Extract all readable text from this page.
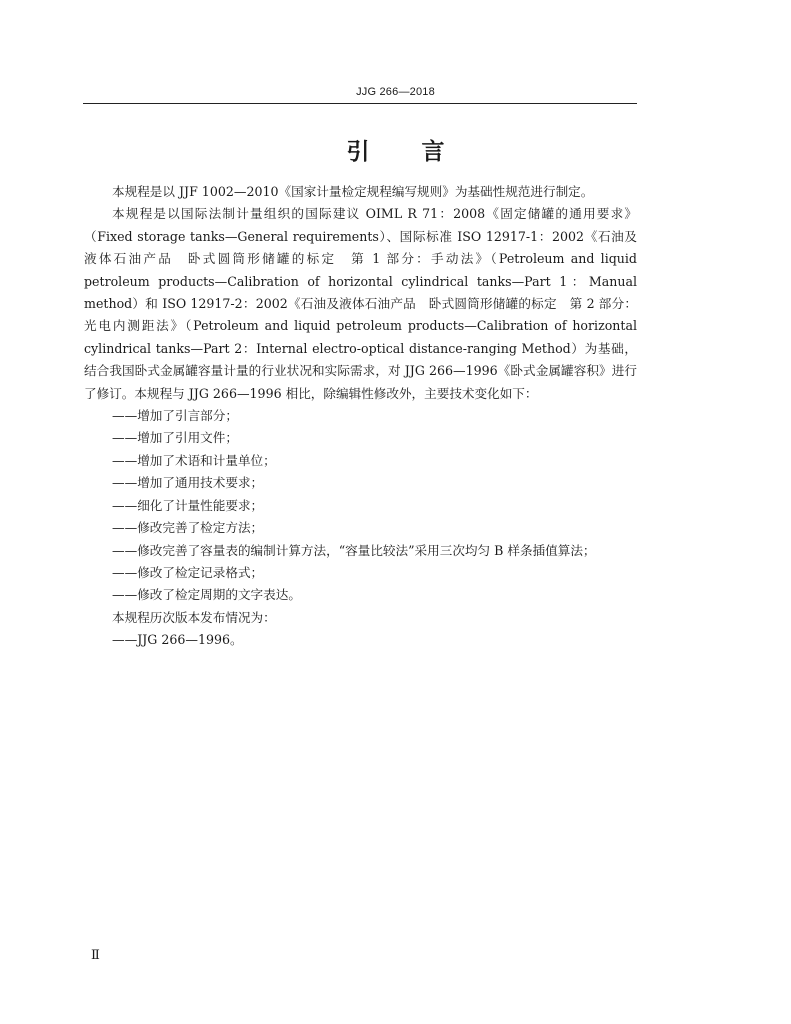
JJG 266—2018
引 言

本规程是以 JJF 1002—2010《国家计量检定规程编写规则》为基础性规范进行制定。

本规程是以国际法制计量组织的国际建议 OIML R 71：2008《固定储罐的通用要求》（Fixed storage tanks—General requirements）、国际标准 ISO 12917-1：2002《石油及液体石油产品　卧式圆筒形储罐的标定　第 1 部分：手动法》（Petroleum and liquid petroleum products—Calibration of horizontal cylindrical tanks—Part 1：Manual method）和 ISO 12917-2：2002《石油及液体石油产品　卧式圆筒形储罐的标定　第 2 部分：光电内测距法》（Petroleum and liquid petroleum products—Calibration of horizontal cylindrical tanks—Part 2：Internal electro-optical distance-ranging Method）为基础，结合我国卧式金属罐容量计量的行业状况和实际需求，对 JJG 266—1996《卧式金属罐容积》进行了修订。本规程与 JJG 266—1996 相比，除编辑性修改外，主要技术变化如下：

——增加了引言部分；

——增加了引用文件；

——增加了术语和计量单位；

——增加了通用技术要求；

——细化了计量性能要求；

——修改完善了检定方法；

——修改完善了容量表的编制计算方法，“容量比较法”采用三次均匀 B 样条插值算法；

——修改了检定记录格式；

——修改了检定周期的文字表达。

本规程历次版本发布情况为：

——JJG 266—1996。

Ⅱ
